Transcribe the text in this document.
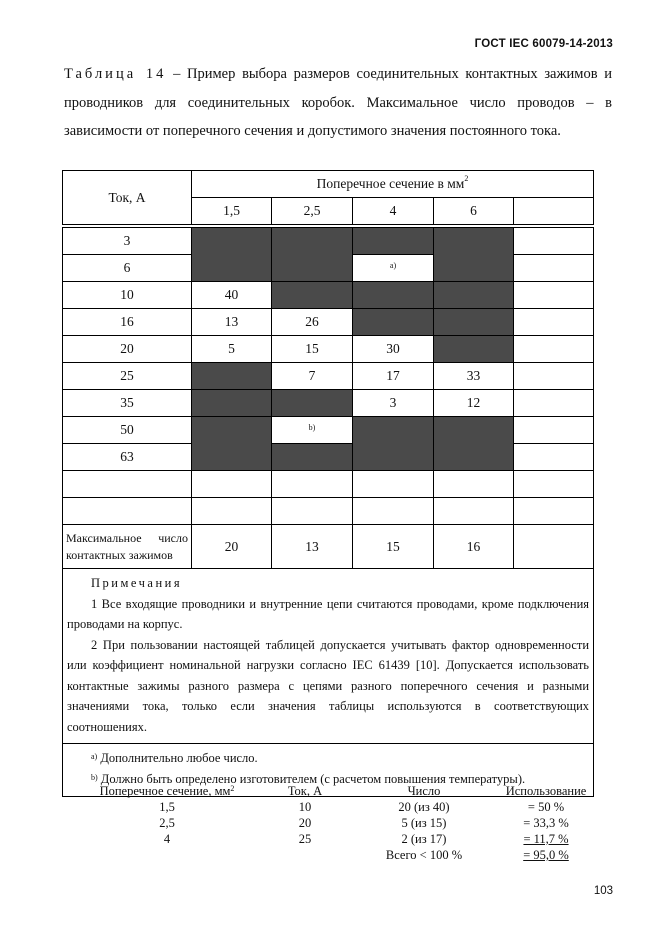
ГОСТ IEC 60079-14-2013
Таблица 14 – Пример выбора размеров соединительных контактных зажимов и проводников для соединительных коробок. Максимальное число проводов – в зависимости от поперечного сечения и допустимого значения постоянного тока.
Ток, А	Поперечное сечение в $мм^2$
	1,5	2,5	4	6	

3					
6			$^{a)}$	
10	40				
16	13	26			
20	5	15	30		
25		7	17	33	
35			3	12	
50		$^{b)}$			
63					

Максимальное число контактных зажимов	20	13	15	16	

Примечания
1 Все входящие проводники и внутренние цепи считаются проводами, кроме подключения проводами на корпус.
2 При пользовании настоящей таблицей допускается учитывать фактор одновременности или коэффициент номинальной нагрузки согласно IEC 61439 [10]. Допускается использовать контактные зажимы разного размера с цепями разного поперечного сечения и разными значениями тока, только если значения таблицы используются в соответствующих соотношениях.					

$^{а)}$ Дополнительно любое число.
$^{b)}$ Должно быть определено изготовителем (с расчетом повышения температуры).					
Поперечное сечение, $мм^2$	Ток, А	Число	Использование
1,5	10	20 (из 40)	= 50 %
2,5	20	5 (из 15)	= 33,3 %
4	25	2 (из 17)	= 11,7 %
		Всего < 100 %	= 95,0 %
103
